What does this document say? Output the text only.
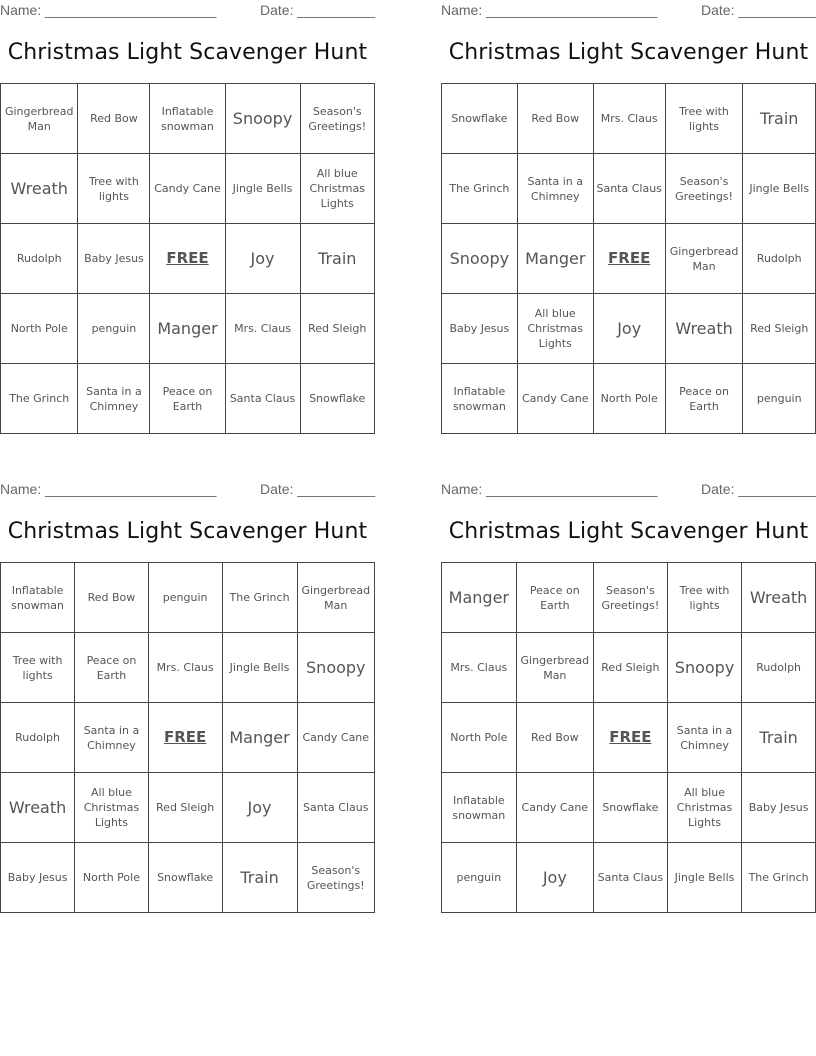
Name: ______________________	Date: __________
Christmas Light Scavenger Hunt
Gingerbread Man	Red Bow	Inflatable snowman	Snoopy	Season's Greetings!
Wreath	Tree with lights	Candy Cane	Jingle Bells	All blue Christmas Lights
Rudolph	Baby Jesus	FREE	Joy	Train
North Pole	penguin	Manger	Mrs. Claus	Red Sleigh
The Grinch	Santa in a Chimney	Peace on Earth	Santa Claus	Snowflake
Name: ______________________	Date: __________
Christmas Light Scavenger Hunt
Snowflake	Red Bow	Mrs. Claus	Tree with lights	Train
The Grinch	Santa in a Chimney	Santa Claus	Season's Greetings!	Jingle Bells
Snoopy	Manger	FREE	Gingerbread Man	Rudolph
Baby Jesus	All blue Christmas Lights	Joy	Wreath	Red Sleigh
Inflatable snowman	Candy Cane	North Pole	Peace on Earth	penguin
Name: ______________________	Date: __________
Christmas Light Scavenger Hunt
Inflatable snowman	Red Bow	penguin	The Grinch	Gingerbread Man
Tree with lights	Peace on Earth	Mrs. Claus	Jingle Bells	Snoopy
Rudolph	Santa in a Chimney	FREE	Manger	Candy Cane
Wreath	All blue Christmas Lights	Red Sleigh	Joy	Santa Claus
Baby Jesus	North Pole	Snowflake	Train	Season's Greetings!
Name: ______________________	Date: __________
Christmas Light Scavenger Hunt
Manger	Peace on Earth	Season's Greetings!	Tree with lights	Wreath
Mrs. Claus	Gingerbread Man	Red Sleigh	Snoopy	Rudolph
North Pole	Red Bow	FREE	Santa in a Chimney	Train
Inflatable snowman	Candy Cane	Snowflake	All blue Christmas Lights	Baby Jesus
penguin	Joy	Santa Claus	Jingle Bells	The Grinch
